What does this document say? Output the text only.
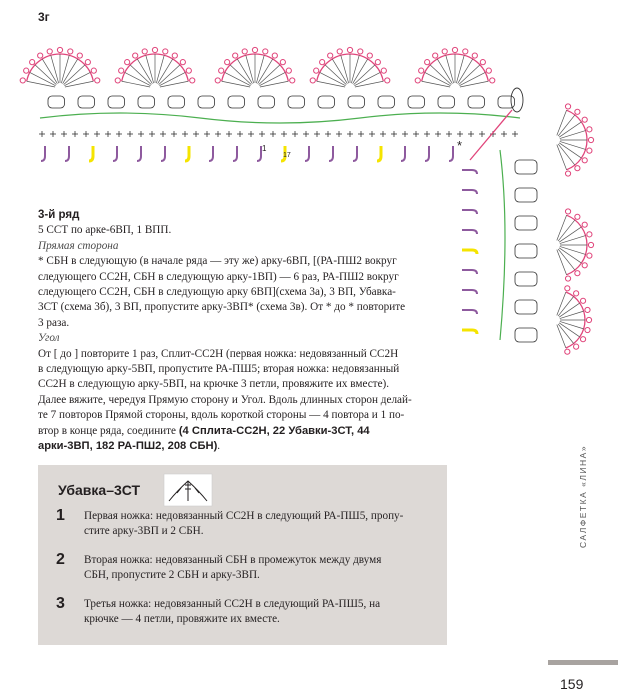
3г
*
1
17

3-й ряд

5 ССТ по арке-6ВП, 1 ВПП.

Прямая сторона

* СБН в следующую (в начале ряда — эту же) арку-6ВП, [(РА-ПШ2 вокруг

следующего СС2Н, СБН в следующую арку-1ВП) — 6 раз, РА-ПШ2 вокруг

следующего СС2Н, СБН в следующую арку 6ВП](схема 3а), 3 ВП, Убавка-

3СТ (схема 3б), 3 ВП, пропустите арку-3ВП* (схема 3в). От * до * повторите

3 раза.

Угол

От [ до ] повторите 1 раз, Сплит-СС2Н (первая ножка: недовязанный СС2Н

в следующую арку-5ВП, пропустите РА-ПШ5; вторая ножка: недовязанный

СС2Н в следующую арку-5ВП, на крючке 3 петли, провяжите их вместе).

Далее вяжите, чередуя Прямую сторону и Угол. Вдоль длинных сторон делай-

те 7 повторов Прямой стороны, вдоль короткой стороны — 4 повтора и 1 по-

втор в конце ряда, соедините (4 Сплита-СС2Н, 22 Убавки-3СТ, 44

арки-3ВП, 182 РА-ПШ2, 208 СБН).

Убавка–3СТ
1 Первая ножка: недовязанный СС2Н в следующий РА-ПШ5, пропу-
стите арку-3ВП и 2 СБН.
2 Вторая ножка: недовязанный СБН в промежуток между двумя
СБН, пропустите 2 СБН и арку-3ВП.
3 Третья ножка: недовязанный СС2Н в следующий РА-ПШ5, на
крючке — 4 петли, провяжите их вместе.
САЛФЕТКА «ЛИНА»
159
